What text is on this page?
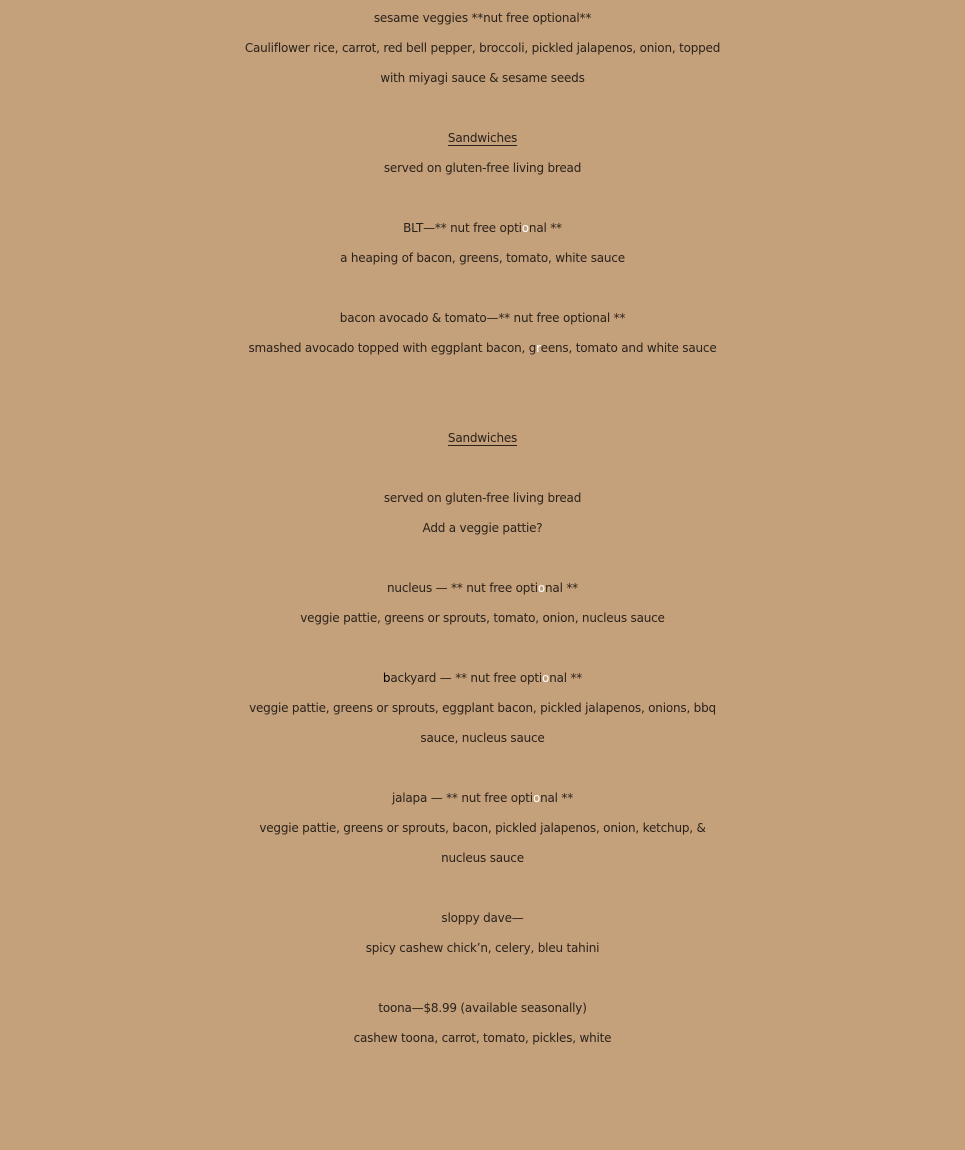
sesame veggies **nut free optional**
Cauliflower rice, carrot, red bell pepper, broccoli, pickled jalapenos, onion, topped
with miyagi sauce & sesame seeds
Sandwiches
served on gluten-free living bread
BLT—** nut free optional **
a heaping of bacon, greens, tomato, white sauce
bacon avocado & tomato—** nut free optional **
smashed avocado topped with eggplant bacon, greens, tomato and white sauce
Sandwiches
served on gluten-free living bread
Add a veggie pattie?
nucleus — ** nut free optional **
veggie pattie, greens or sprouts, tomato, onion, nucleus sauce
backyard — ** nut free optional **
veggie pattie, greens or sprouts, eggplant bacon, pickled jalapenos, onions, bbq
sauce, nucleus sauce
jalapa — ** nut free optional **
veggie pattie, greens or sprouts, bacon, pickled jalapenos, onion, ketchup, &
nucleus sauce
sloppy dave—
spicy cashew chick’n, celery, bleu tahini
toona—$8.99 (available seasonally)
cashew toona, carrot, tomato, pickles, white
